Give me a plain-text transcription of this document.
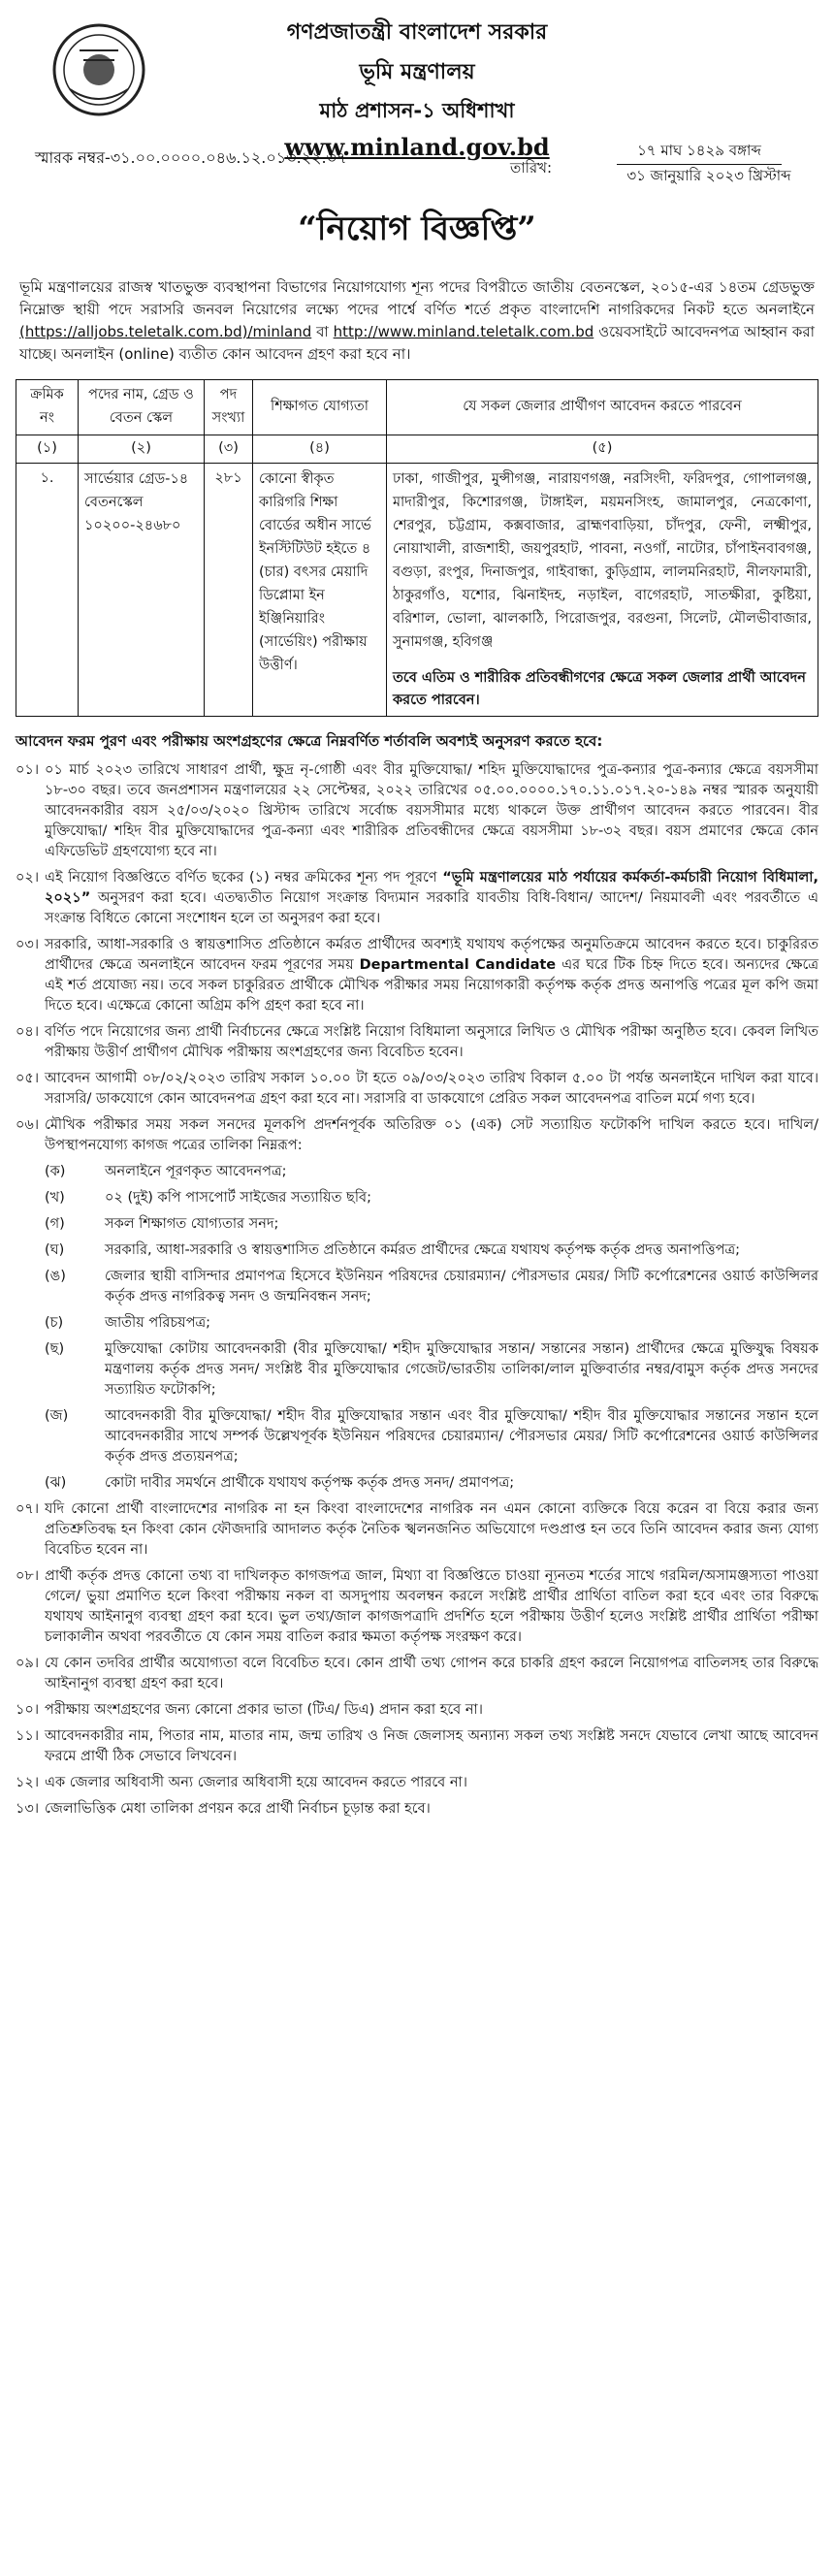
গণপ্রজাতন্ত্রী বাংলাদেশ সরকার
ভূমি মন্ত্রণালয়
মাঠ প্রশাসন-১ অধিশাখা
www.minland.gov.bd
স্মারক নম্বর-৩১.০০.০০০০.০৪৬.১২.০১৩.২২.৩৭
তারিখ:
১৭ মাঘ ১৪২৯ বঙ্গাব্দ
৩১ জানুয়ারি ২০২৩ খ্রিস্টাব্দ
“নিয়োগ বিজ্ঞপ্তি”
ভূমি মন্ত্রণালয়ের রাজস্ব খাতভুক্ত ব্যবস্থাপনা বিভাগের নিয়োগযোগ্য শূন্য পদের বিপরীতে জাতীয় বেতনস্কেল, ২০১৫-এর ১৪তম গ্রেডভুক্ত নিম্নোক্ত স্থায়ী পদে সরাসরি জনবল নিয়োগের লক্ষ্যে পদের পার্শ্বে বর্ণিত শর্তে প্রকৃত বাংলাদেশি নাগরিকদের নিকট হতে অনলাইনে (https://alljobs.teletalk.com.bd)/minland বা http://www.minland.teletalk.com.bd ওয়েবসাইটে আবেদনপত্র আহ্বান করা যাচ্ছে। অনলাইন (online) ব্যতীত কোন আবেদন গ্রহণ করা হবে না।
ক্রমিক নং	পদের নাম, গ্রেড ও বেতন স্কেল	পদ সংখ্যা	শিক্ষাগত যোগ্যতা	যে সকল জেলার প্রার্থীগণ আবেদন করতে পারবেন
(১)	(২)	(৩)	(৪)	(৫)
১.	সার্ভেয়ার গ্রেড-১৪ বেতনস্কেল ১০২০০-২৪৬৮০	২৮১	কোনো স্বীকৃত কারিগরি শিক্ষা বোর্ডের অধীন সার্ভে ইনস্টিটিউট হইতে ৪ (চার) বৎসর মেয়াদি ডিপ্লোমা ইন ইঞ্জিনিয়ারিং (সার্ভেয়িং) পরীক্ষায় উত্তীর্ণ।	ঢাকা, গাজীপুর, মুন্সীগঞ্জ, নারায়ণগঞ্জ, নরসিংদী, ফরিদপুর, গোপালগঞ্জ, মাদারীপুর, কিশোরগঞ্জ, টাঙ্গাইল, ময়মনসিংহ, জামালপুর, নেত্রকোণা, শেরপুর, চট্টগ্রাম, কক্সবাজার, ব্রাহ্মণবাড়িয়া, চাঁদপুর, ফেনী, লক্ষ্মীপুর, নোয়াখালী, রাজশাহী, জয়পুরহাট, পাবনা, নওগাঁ, নাটোর, চাঁপাইনবাবগঞ্জ, বগুড়া, রংপুর, দিনাজপুর, গাইবান্ধা, কুড়িগ্রাম, লালমনিরহাট, নীলফামারী, ঠাকুরগাঁও, যশোর, ঝিনাইদহ, নড়াইল, বাগেরহাট, সাতক্ষীরা, কুষ্টিয়া, বরিশাল, ভোলা, ঝালকাঠি, পিরোজপুর, বরগুনা, সিলেট, মৌলভীবাজার, সুনামগঞ্জ, হবিগঞ্জ
তবে এতিম ও শারীরিক প্রতিবন্ধীগণের ক্ষেত্রে সকল জেলার প্রার্থী আবেদন করতে পারবেন।
আবেদন ফরম পুরণ এবং পরীক্ষায় অংশগ্রহণের ক্ষেত্রে নিম্নবর্ণিত শর্তাবলি অবশ্যই অনুসরণ করতে হবে:
০১। ০১ মার্চ ২০২৩ তারিখে সাধারণ প্রার্থী, ক্ষুদ্র নৃ-গোষ্ঠী এবং বীর মুক্তিযোদ্ধা/ শহিদ মুক্তিযোদ্ধাদের পুত্র-কন্যার পুত্র-কন্যার ক্ষেত্রে বয়সসীমা ১৮-৩০ বছর। তবে জনপ্রশাসন মন্ত্রণালয়ের ২২ সেপ্টেম্বর, ২০২২ তারিখের ০৫.০০.০০০০.১৭০.১১.০১৭.২০-১৪৯ নম্বর স্মারক অনুযায়ী আবেদনকারীর বয়স ২৫/০৩/২০২০ খ্রিস্টাব্দ তারিখে সর্বোচ্চ বয়সসীমার মধ্যে থাকলে উক্ত প্রার্থীগণ আবেদন করতে পারবেন। বীর মুক্তিযোদ্ধা/ শহিদ বীর মুক্তিযোদ্ধাদের পুত্র-কন্যা এবং শারীরিক প্রতিবন্ধীদের ক্ষেত্রে বয়সসীমা ১৮-৩২ বছর। বয়স প্রমাণের ক্ষেত্রে কোন এফিডেভিট গ্রহণযোগ্য হবে না।
০২। এই নিয়োগ বিজ্ঞপ্তিতে বর্ণিত ছকের (১) নম্বর ক্রমিকের শূন্য পদ পূরণে “ভূমি মন্ত্রণালয়ের মাঠ পর্যায়ের কর্মকর্তা-কর্মচারী নিয়োগ বিধিমালা, ২০২১” অনুসরণ করা হবে। এতদ্ব্যতীত নিয়োগ সংক্রান্ত বিদ্যমান সরকারি যাবতীয় বিধি-বিধান/ আদেশ/ নিয়মাবলী এবং পরবর্তীতে এ সংক্রান্ত বিধিতে কোনো সংশোধন হলে তা অনুসরণ করা হবে।
০৩। সরকারি, আধা-সরকারি ও স্বায়ত্তশাসিত প্রতিষ্ঠানে কর্মরত প্রার্থীদের অবশ্যই যথাযথ কর্তৃপক্ষের অনুমতিক্রমে আবেদন করতে হবে। চাকুরিরত প্রার্থীদের ক্ষেত্রে অনলাইনে আবেদন ফরম পূরণের সময় Departmental Candidate এর ঘরে টিক চিহ্ন দিতে হবে। অন্যদের ক্ষেত্রে এই শর্ত প্রযোজ্য নয়। তবে সকল চাকুরিরত প্রার্থীকে মৌখিক পরীক্ষার সময় নিয়োগকারী কর্তৃপক্ষ কর্তৃক প্রদত্ত অনাপত্তি পত্রের মূল কপি জমা দিতে হবে। এক্ষেত্রে কোনো অগ্রিম কপি গ্রহণ করা হবে না।
০৪। বর্ণিত পদে নিয়োগের জন্য প্রার্থী নির্বাচনের ক্ষেত্রে সংশ্লিষ্ট নিয়োগ বিধিমালা অনুসারে লিখিত ও মৌখিক পরীক্ষা অনুষ্ঠিত হবে। কেবল লিখিত পরীক্ষায় উত্তীর্ণ প্রার্থীগণ মৌখিক পরীক্ষায় অংশগ্রহণের জন্য বিবেচিত হবেন।
০৫। আবেদন আগামী ০৮/০২/২০২৩ তারিখ সকাল ১০.০০ টা হতে ০৯/০৩/২০২৩ তারিখ বিকাল ৫.০০ টা পর্যন্ত অনলাইনে দাখিল করা যাবে। সরাসরি/ ডাকযোগে কোন আবেদনপত্র গ্রহণ করা হবে না। সরাসরি বা ডাকযোগে প্রেরিত সকল আবেদনপত্র বাতিল মর্মে গণ্য হবে।
০৬। মৌখিক পরীক্ষার সময় সকল সনদের মূলকপি প্রদর্শনপূর্বক অতিরিক্ত ০১ (এক) সেট সত্যায়িত ফটোকপি দাখিল করতে হবে। দাখিল/ উপস্থাপনযোগ্য কাগজ পত্রের তালিকা নিম্নরূপ:
(ক)	অনলাইনে পূরণকৃত আবেদনপত্র;
(খ)	০২ (দুই) কপি পাসপোর্ট সাইজের সত্যায়িত ছবি;
(গ)	সকল শিক্ষাগত যোগ্যতার সনদ;
(ঘ)	সরকারি, আধা-সরকারি ও স্বায়ত্তশাসিত প্রতিষ্ঠানে কর্মরত প্রার্থীদের ক্ষেত্রে যথাযথ কর্তৃপক্ষ কর্তৃক প্রদত্ত অনাপত্তিপত্র;
(ঙ)	জেলার স্থায়ী বাসিন্দার প্রমাণপত্র হিসেবে ইউনিয়ন পরিষদের চেয়ারম্যান/ পৌরসভার মেয়র/ সিটি কর্পোরেশনের ওয়ার্ড কাউন্সিলর কর্তৃক প্রদত্ত নাগরিকত্ব সনদ ও জন্মনিবন্ধন সনদ;
(চ)	জাতীয় পরিচয়পত্র;
(ছ)	মুক্তিযোদ্ধা কোটায় আবেদনকারী (বীর মুক্তিযোদ্ধা/ শহীদ মুক্তিযোদ্ধার সন্তান/ সন্তানের সন্তান) প্রার্থীদের ক্ষেত্রে মুক্তিযুদ্ধ বিষয়ক মন্ত্রণালয় কর্তৃক প্রদত্ত সনদ/ সংশ্লিষ্ট বীর মুক্তিযোদ্ধার গেজেট/ভারতীয় তালিকা/লাল মুক্তিবার্তার নম্বর/বামুস কর্তৃক প্রদত্ত সনদের সত্যায়িত ফটোকপি;
(জ)	আবেদনকারী বীর মুক্তিযোদ্ধা/ শহীদ বীর মুক্তিযোদ্ধার সন্তান এবং বীর মুক্তিযোদ্ধা/ শহীদ বীর মুক্তিযোদ্ধার সন্তানের সন্তান হলে আবেদনকারীর সাথে সম্পর্ক উল্লেখপূর্বক ইউনিয়ন পরিষদের চেয়ারম্যান/ পৌরসভার মেয়র/ সিটি কর্পোরেশনের ওয়ার্ড কাউন্সিলর কর্তৃক প্রদত্ত প্রত্যয়নপত্র;
(ঝ)	কোটা দাবীর সমর্থনে প্রার্থীকে যথাযথ কর্তৃপক্ষ কর্তৃক প্রদত্ত সনদ/ প্রমাণপত্র;
০৭। যদি কোনো প্রার্থী বাংলাদেশের নাগরিক না হন কিংবা বাংলাদেশের নাগরিক নন এমন কোনো ব্যক্তিকে বিয়ে করেন বা বিয়ে করার জন্য প্রতিশ্রুতিবদ্ধ হন কিংবা কোন ফৌজদারি আদালত কর্তৃক নৈতিক স্খলনজনিত অভিযোগে দণ্ডপ্রাপ্ত হন তবে তিনি আবেদন করার জন্য যোগ্য বিবেচিত হবেন না।
০৮। প্রার্থী কর্তৃক প্রদত্ত কোনো তথ্য বা দাখিলকৃত কাগজপত্র জাল, মিথ্যা বা বিজ্ঞপ্তিতে চাওয়া ন্যূনতম শর্তের সাথে গরমিল/অসামঞ্জস্যতা পাওয়া গেলে/ ভুয়া প্রমাণিত হলে কিংবা পরীক্ষায় নকল বা অসদুপায় অবলম্বন করলে সংশ্লিষ্ট প্রার্থীর প্রার্থিতা বাতিল করা হবে এবং তার বিরুদ্ধে যথাযথ আইনানুগ ব্যবস্থা গ্রহণ করা হবে। ভুল তথ্য/জাল কাগজপত্রাদি প্রদর্শিত হলে পরীক্ষায় উত্তীর্ণ হলেও সংশ্লিষ্ট প্রার্থীর প্রার্থিতা পরীক্ষা চলাকালীন অথবা পরবর্তীতে যে কোন সময় বাতিল করার ক্ষমতা কর্তৃপক্ষ সংরক্ষণ করে।
০৯। যে কোন তদবির প্রার্থীর অযোগ্যতা বলে বিবেচিত হবে। কোন প্রার্থী তথ্য গোপন করে চাকরি গ্রহণ করলে নিয়োগপত্র বাতিলসহ তার বিরুদ্ধে আইনানুগ ব্যবস্থা গ্রহণ করা হবে।
১০। পরীক্ষায় অংশগ্রহণের জন্য কোনো প্রকার ভাতা (টিএ/ ডিএ) প্রদান করা হবে না।
১১। আবেদনকারীর নাম, পিতার নাম, মাতার নাম, জন্ম তারিখ ও নিজ জেলাসহ অন্যান্য সকল তথ্য সংশ্লিষ্ট সনদে যেভাবে লেখা আছে আবেদন ফরমে প্রার্থী ঠিক সেভাবে লিখবেন।
১২। এক জেলার অধিবাসী অন্য জেলার অধিবাসী হয়ে আবেদন করতে পারবে না।
১৩। জেলাভিত্তিক মেধা তালিকা প্রণয়ন করে প্রার্থী নির্বাচন চূড়ান্ত করা হবে।
